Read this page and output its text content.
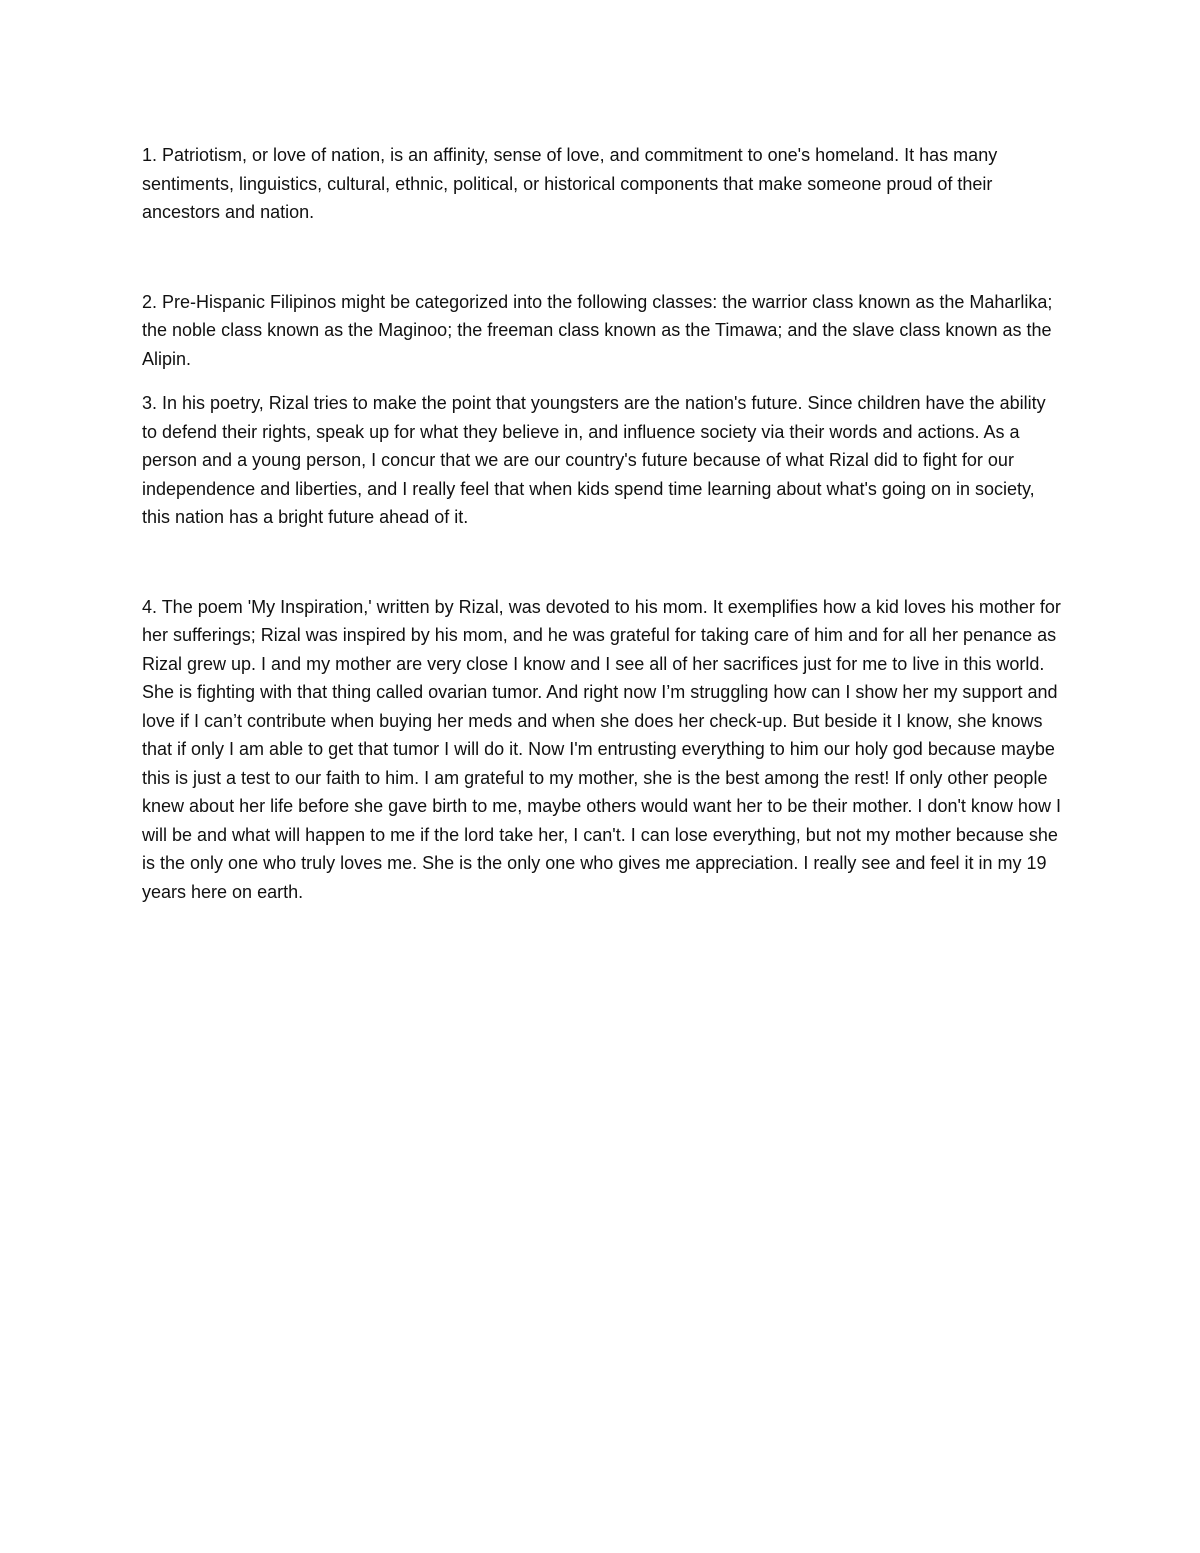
1. Patriotism, or love of nation, is an affinity, sense of love, and commitment to one's homeland. It has many sentiments, linguistics, cultural, ethnic, political, or historical components that make someone proud of their ancestors and nation.

2. Pre-Hispanic Filipinos might be categorized into the following classes: the warrior class known as the Maharlika; the noble class known as the Maginoo; the freeman class known as the Timawa; and the slave class known as the Alipin.

3. In his poetry, Rizal tries to make the point that youngsters are the nation's future. Since children have the ability to defend their rights, speak up for what they believe in, and influence society via their words and actions. As a person and a young person, I concur that we are our country's future because of what Rizal did to fight for our independence and liberties, and I really feel that when kids spend time learning about what's going on in society, this nation has a bright future ahead of it.

4. The poem 'My Inspiration,' written by Rizal, was devoted to his mom. It exemplifies how a kid loves his mother for her sufferings; Rizal was inspired by his mom, and he was grateful for taking care of him and for all her penance as Rizal grew up. I and my mother are very close I know and I see all of her sacrifices just for me to live in this world. She is fighting with that thing called ovarian tumor. And right now I’m struggling how can I show her my support and love if I can’t contribute when buying her meds and when she does her check-up. But beside it I know, she knows that if only I am able to get that tumor I will do it. Now I'm entrusting everything to him our holy god because maybe this is just a test to our faith to him. I am grateful to my mother, she is the best among the rest! If only other people knew about her life before she gave birth to me, maybe others would want her to be their mother. I don't know how I will be and what will happen to me if the lord take her, I can't. I can lose everything, but not my mother because she is the only one who truly loves me. She is the only one who gives me appreciation. I really see and feel it in my 19 years here on earth.
